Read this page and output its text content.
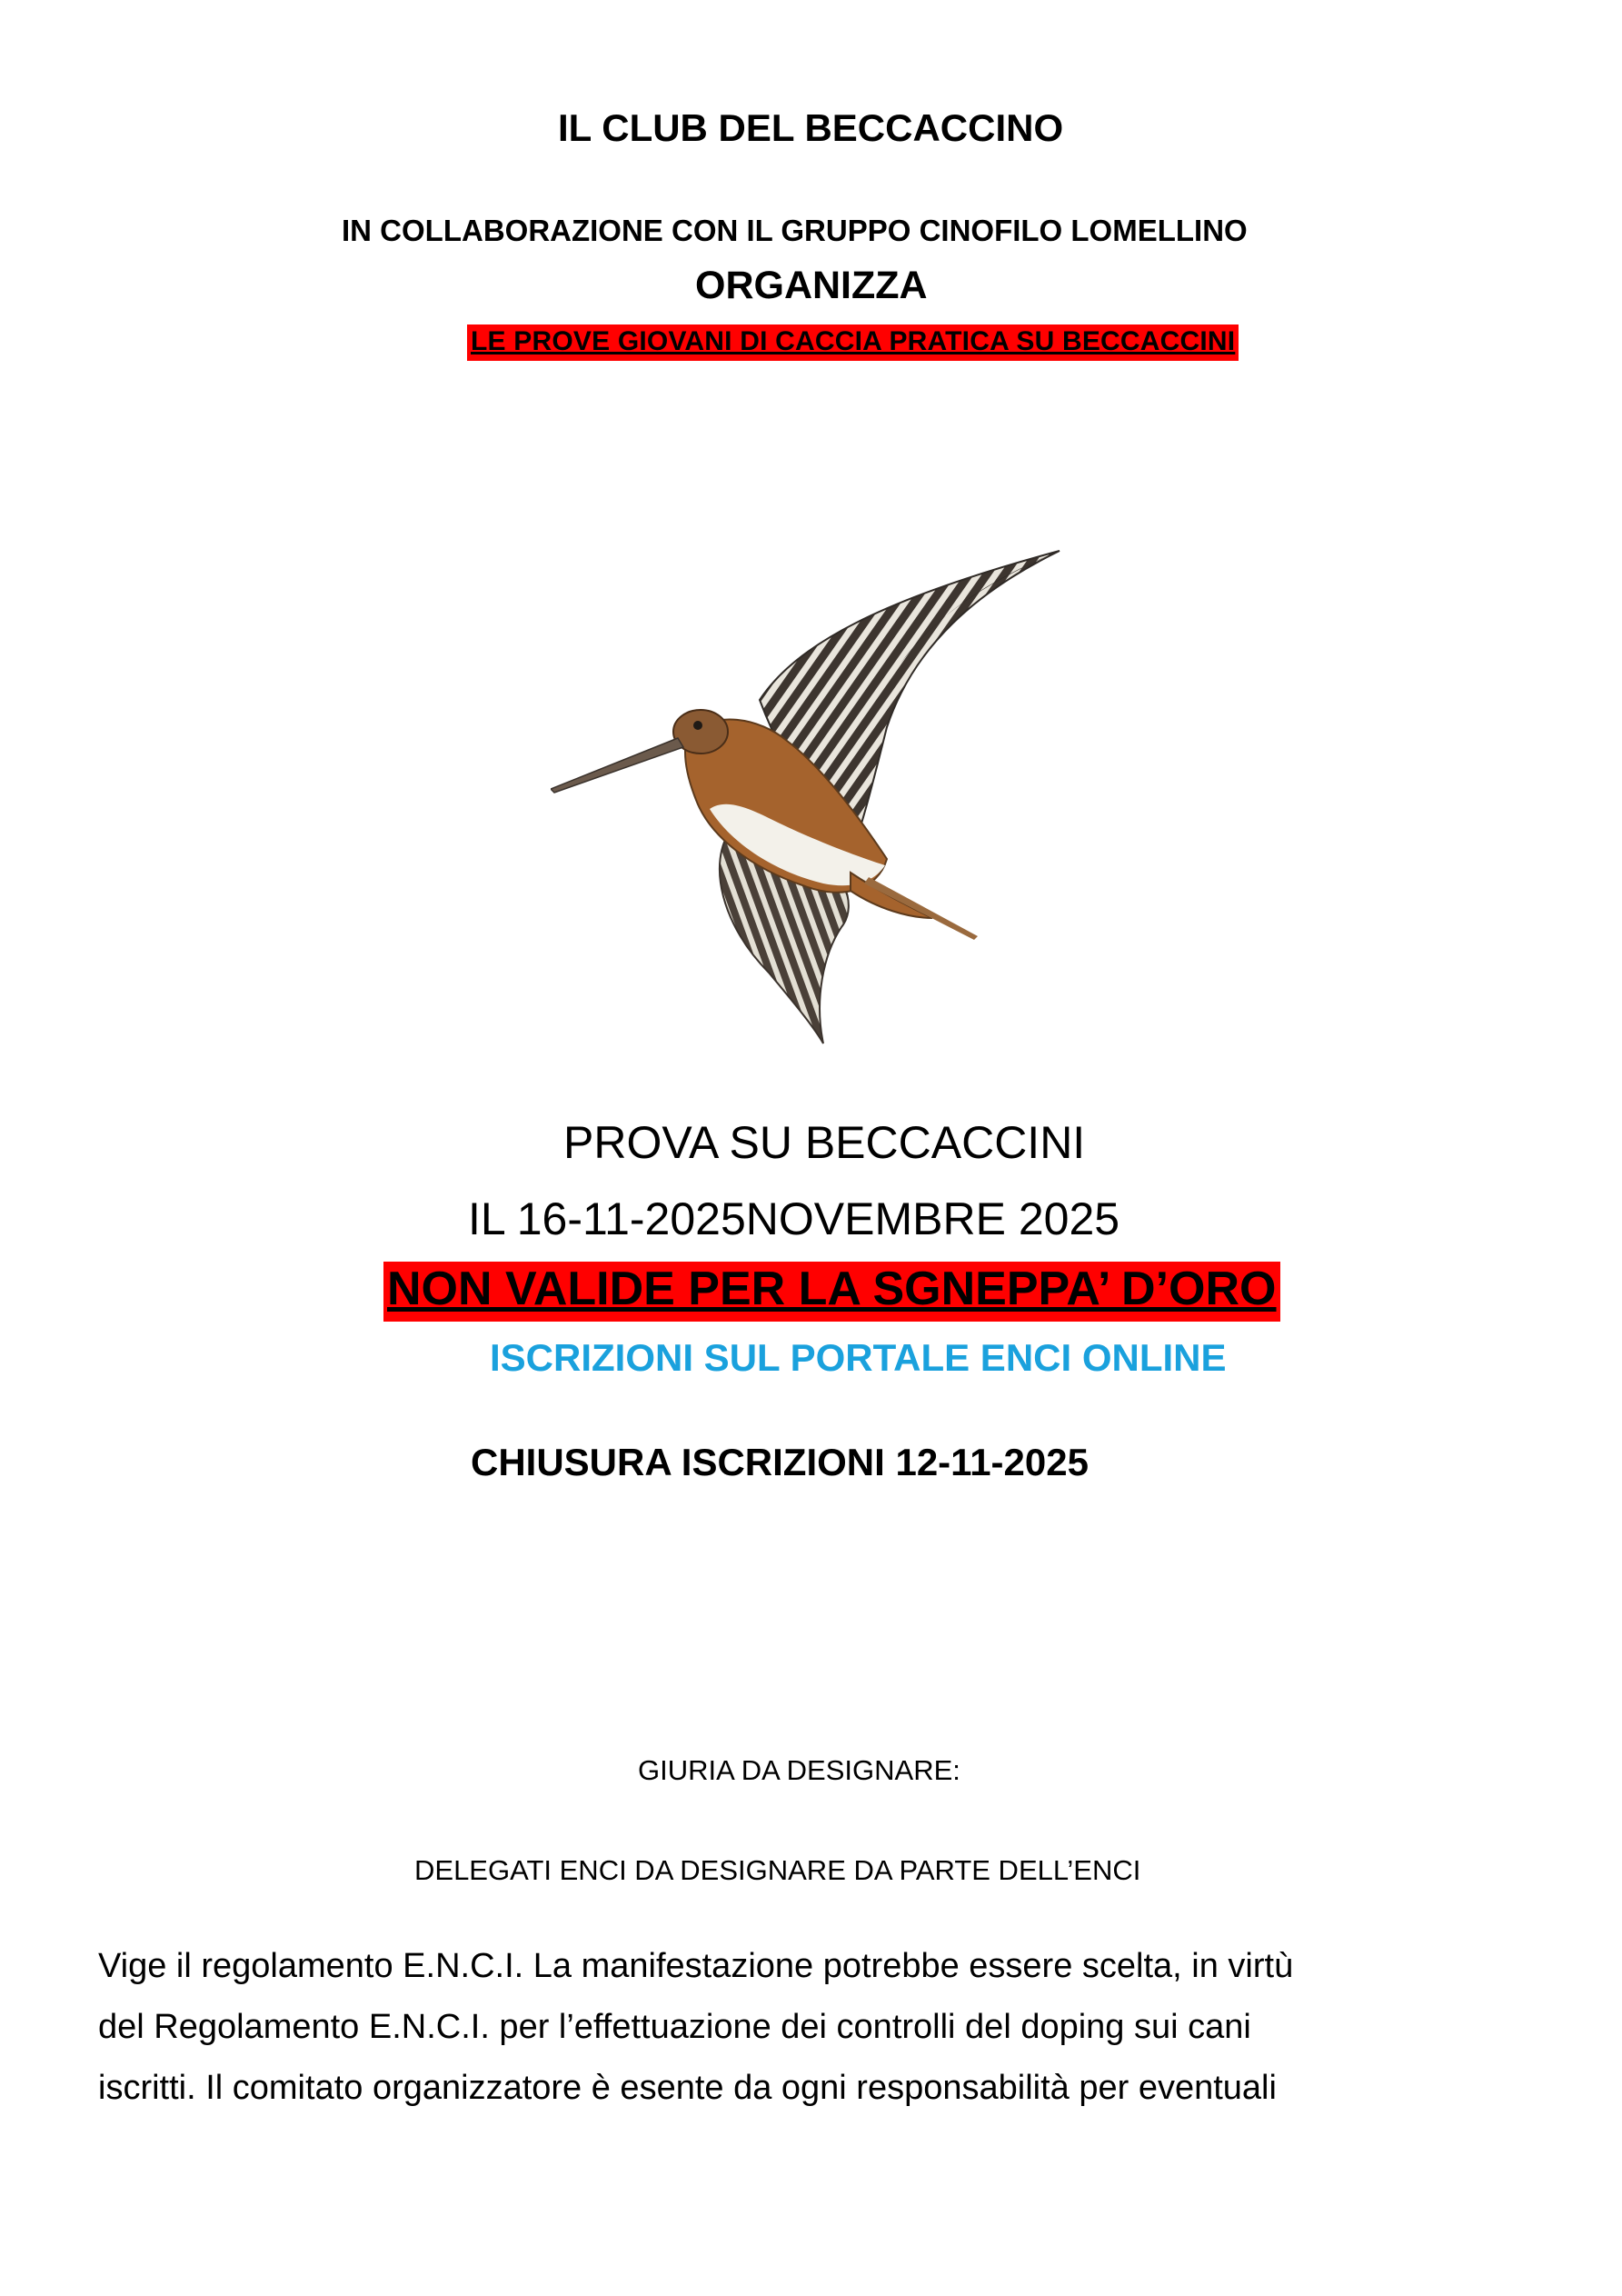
IL CLUB DEL BECCACCINO
IN COLLABORAZIONE CON IL GRUPPO CINOFILO LOMELLINO
ORGANIZZA
LE PROVE GIOVANI DI CACCIA PRATICA SU BECCACCINI
PROVA SU BECCACCINI
IL 16-11-2025NOVEMBRE 2025
NON VALIDE PER LA SGNEPPA’ D’ORO
ISCRIZIONI SUL PORTALE ENCI ONLINE
CHIUSURA ISCRIZIONI 12-11-2025
GIURIA DA DESIGNARE:
DELEGATI ENCI DA DESIGNARE DA PARTE DELL’ENCI
Vige il regolamento E.N.C.I. La manifestazione potrebbe essere scelta, in virtù
del Regolamento E.N.C.I. per l’effettuazione dei controlli del doping sui cani
iscritti. Il comitato organizzatore è esente da ogni responsabilità per eventuali
